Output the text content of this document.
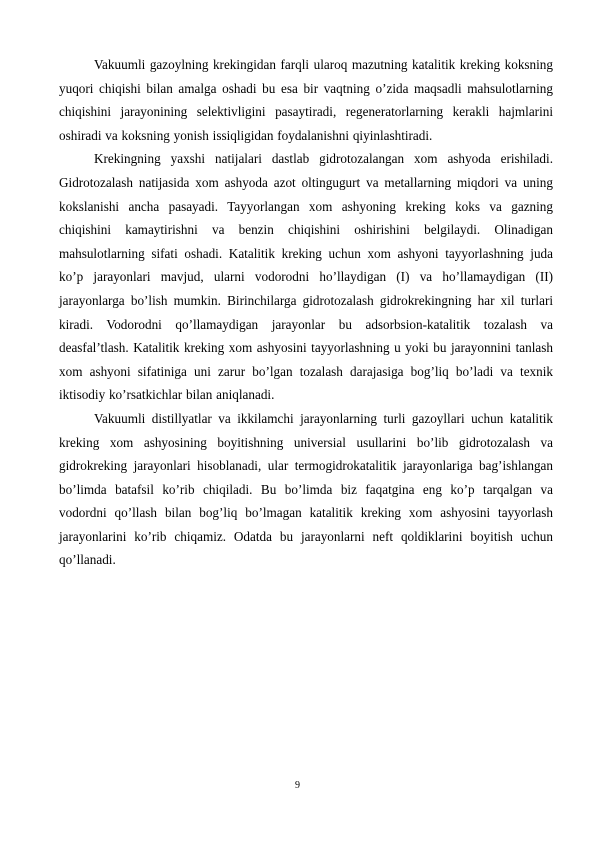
Vakuumli gazoylning krekingidan farqli ularoq mazutning katalitik kreking koksning yuqori chiqishi bilan amalga oshadi bu esa bir vaqtning o’zida maqsadli mahsulotlarning chiqishini jarayonining selektivligini pasaytiradi, regeneratorlarning kerakli hajmlarini oshiradi va koksning yonish issiqligidan foydalanishni qiyinlashtiradi.

Krekingning yaxshi natijalari dastlab gidrotozalangan xom ashyoda erishiladi. Gidrotozalash natijasida xom ashyoda azot oltingugurt va metallarning miqdori va uning kokslanishi ancha pasayadi. Tayyorlangan xom ashyoning kreking koks va gazning chiqishini kamaytirishni va benzin chiqishini oshirishini belgilaydi. Olinadigan mahsulotlarning sifati oshadi. Katalitik kreking uchun xom ashyoni tayyorlashning juda ko’p jarayonlari mavjud, ularni vodorodni ho’llaydigan (I) va ho’llamaydigan (II) jarayonlarga bo’lish mumkin. Birinchilarga gidrotozalash gidrokrekingning har xil turlari kiradi. Vodorodni qo’llamaydigan jarayonlar bu adsorbsion-katalitik tozalash va deasfal’tlash. Katalitik kreking xom ashyosini tayyorlashning u yoki bu jarayonnini tanlash xom ashyoni sifatiniga uni zarur bo’lgan tozalash darajasiga bog’liq bo’ladi va texnik iktisodiy ko’rsatkichlar bilan aniqlanadi.

Vakuumli distillyatlar va ikkilamchi jarayonlarning turli gazoyllari uchun katalitik kreking xom ashyosining boyitishning universial usullarini bo’lib gidrotozalash va gidrokreking jarayonlari hisoblanadi, ular termogidrokatalitik jarayonlariga bag’ishlangan bo’limda batafsil ko’rib chiqiladi. Bu bo’limda biz faqatgina eng ko’p tarqalgan va vodordni qo’llash bilan bog’liq bo’lmagan katalitik kreking xom ashyosini tayyorlash jarayonlarini ko’rib chiqamiz. Odatda bu jarayonlarni neft qoldiklarini boyitish uchun qo’llanadi.

9
